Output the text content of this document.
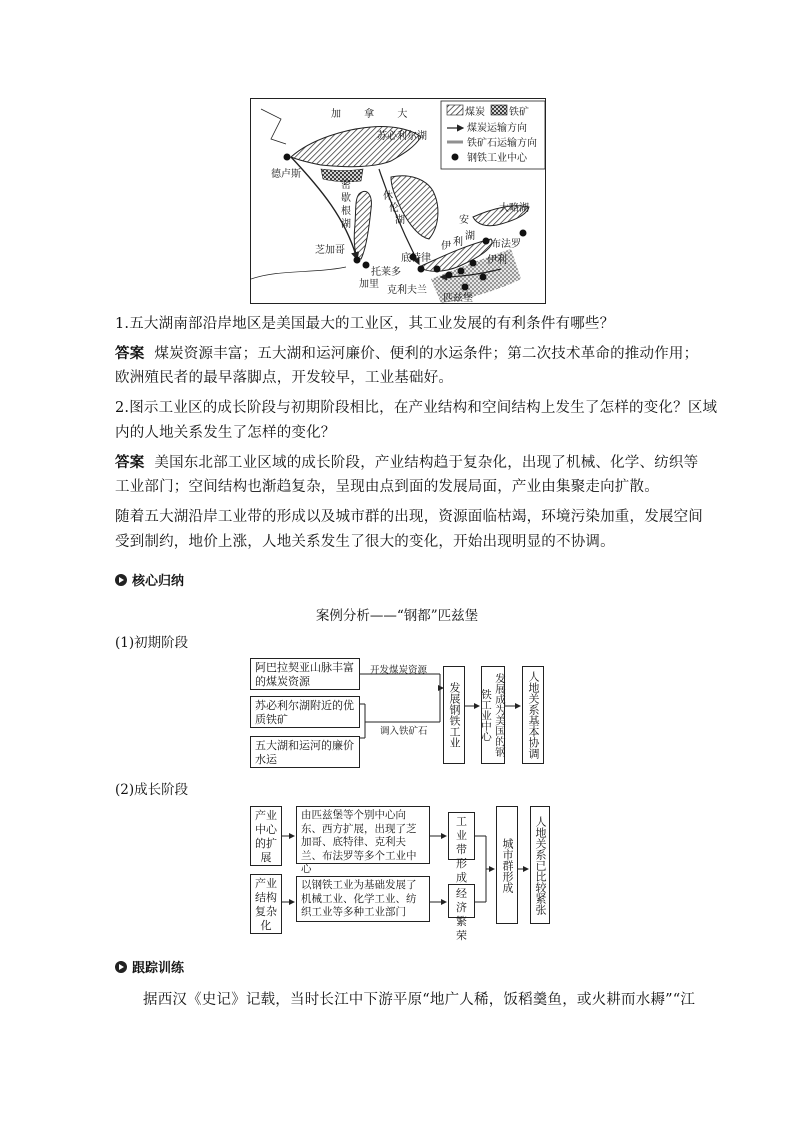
加 拿 大	煤炭 铁矿
煤炭运输方向
铁矿石运输方向
钢铁工业中心
苏必利尔湖
德卢斯
休
伦
湖
密歇根湖
芝加哥
加里
底特律
托莱多
克利夫兰
伊 利
湖
安
大略湖
布法罗
伊利
匹兹堡
1.五大湖南部沿岸地区是美国最大的工业区，其工业发展的有利条件有哪些？
答案 煤炭资源丰富；五大湖和运河廉价、便利的水运条件；第二次技术革命的推动作用；
欧洲殖民者的最早落脚点，开发较早，工业基础好。
2.图示工业区的成长阶段与初期阶段相比，在产业结构和空间结构上发生了怎样的变化？区域
内的人地关系发生了怎样的变化？
答案 美国东北部工业区域的成长阶段，产业结构趋于复杂化，出现了机械、化学、纺织等
工业部门；空间结构也渐趋复杂，呈现由点到面的发展局面，产业由集聚走向扩散。
随着五大湖沿岸工业带的形成以及城市群的出现，资源面临枯竭，环境污染加重，发展空间
受到制约，地价上涨，人地关系发生了很大的变化，开始出现明显的不协调。
核心归纳
案例分析——“钢都”匹兹堡
(1)初期阶段
阿巴拉契亚山脉丰富的煤炭资源
苏必利尔湖附近的优质铁矿
五大湖和运河的廉价水运
开发煤炭资源
调入铁矿石 发展钢铁工业	发展成为美国的钢铁工业中心	人地关系基本协调
(2)成长阶段
产业中心的扩展
产业结构复杂化
由匹兹堡等个别中心向东、西方扩展，出现了芝加哥、底特律、克利夫兰、布法罗等多个工业中心
以钢铁工业为基础发展了机械工业、化学工业、纺织工业等多种工业部门
工业带形成
经济繁荣
城市群形成 人地关系已比较紧张
跟踪训练
据西汉《史记》记载，当时长江中下游平原“地广人稀，饭稻羹鱼，或火耕而水耨”“江
